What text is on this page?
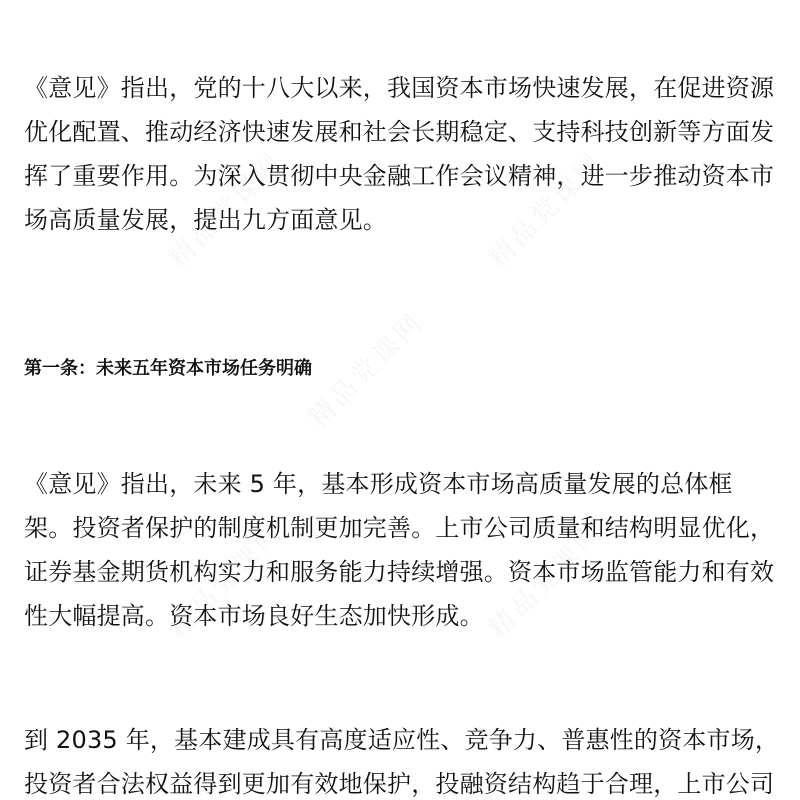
《意见》指出，党的十八大以来，我国资本市场快速发展，在促进资源优化配置、推动经济快速发展和社会长期稳定、支持科技创新等方面发挥了重要作用。为深入贯彻中央金融工作会议精神，进一步推动资本市场高质量发展，提出九方面意见。

第一条：未来五年资本市场任务明确

《意见》指出，未来 5 年，基本形成资本市场高质量发展的总体框架。投资者保护的制度机制更加完善。上市公司质量和结构明显优化，证券基金期货机构实力和服务能力持续增强。资本市场监管能力和有效性大幅提高。资本市场良好生态加快形成。

到 2035 年，基本建成具有高度适应性、竞争力、普惠性的资本市场，投资者合法权益得到更加有效地保护，投融资结构趋于合理，上市公司
